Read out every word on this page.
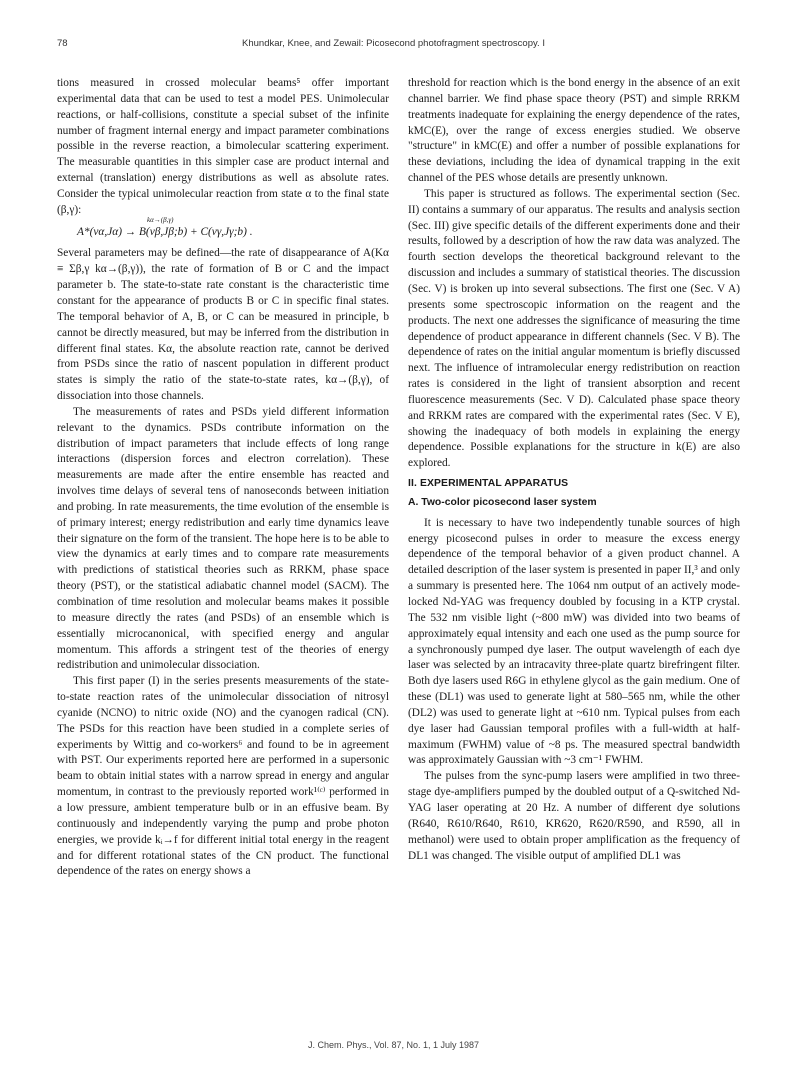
78	Khundkar, Knee, and Zewail: Picosecond photofragment spectroscopy. I

tions measured in crossed molecular beams⁵ offer important experimental data that can be used to test a model PES. Unimolecular reactions, or half-collisions, constitute a special subset of the infinite number of fragment internal energy and impact parameter combinations possible in the reverse reaction, a bimolecular scattering experiment. The measurable quantities in this simpler case are product internal and external (translation) energy distributions as well as absolute rates. Consider the typical unimolecular reaction from state α to the final state (β,γ):

A*(vα,Jα) → B(vβ,Jβ;b) + C(vγ,Jγ;b) .
kα→(β,γ)

Several parameters may be defined—the rate of disappearance of A(Kα ≡ Σβ,γ kα→(β,γ)), the rate of formation of B or C and the impact parameter b. The state-to-state rate constant is the characteristic time constant for the appearance of products B or C in specific final states. The temporal behavior of A, B, or C can be measured in principle, b cannot be directly measured, but may be inferred from the distribution in different final states. Kα, the absolute reaction rate, cannot be derived from PSDs since the ratio of nascent population in different product states is simply the ratio of the state-to-state rates, kα→(β,γ), of dissociation into those channels.

The measurements of rates and PSDs yield different information relevant to the dynamics. PSDs contribute information on the distribution of impact parameters that include effects of long range interactions (dispersion forces and electron correlation). These measurements are made after the entire ensemble has reacted and involves time delays of several tens of nanoseconds between initiation and probing. In rate measurements, the time evolution of the ensemble is of primary interest; energy redistribution and early time dynamics leave their signature on the form of the transient. The hope here is to be able to view the dynamics at early times and to compare rate measurements with predictions of statistical theories such as RRKM, phase space theory (PST), or the statistical adiabatic channel model (SACM). The combination of time resolution and molecular beams makes it possible to measure directly the rates (and PSDs) of an ensemble which is essentially microcanonical, with specified energy and angular momentum. This affords a stringent test of the theories of energy redistribution and unimolecular dissociation.

This first paper (I) in the series presents measurements of the state-to-state reaction rates of the unimolecular dissociation of nitrosyl cyanide (NCNO) to nitric oxide (NO) and the cyanogen radical (CN). The PSDs for this reaction have been studied in a complete series of experiments by Wittig and co-workers⁶ and found to be in agreement with PST. Our experiments reported here are performed in a supersonic beam to obtain initial states with a narrow spread in energy and angular momentum, in contrast to the previously reported work¹⁽ᶜ⁾ performed in a low pressure, ambient temperature bulb or in an effusive beam. By continuously and independently varying the pump and probe photon energies, we provide kᵢ→f for different initial total energy in the reagent and for different rotational states of the CN product. The functional dependence of the rates on energy shows a

threshold for reaction which is the bond energy in the absence of an exit channel barrier. We find phase space theory (PST) and simple RRKM treatments inadequate for explaining the energy dependence of the rates, kMC(E), over the range of excess energies studied. We observe "structure" in kMC(E) and offer a number of possible explanations for these deviations, including the idea of dynamical trapping in the exit channel of the PES whose details are presently unknown.

This paper is structured as follows. The experimental section (Sec. II) contains a summary of our apparatus. The results and analysis section (Sec. III) give specific details of the different experiments done and their results, followed by a description of how the raw data was analyzed. The fourth section develops the theoretical background relevant to the discussion and includes a summary of statistical theories. The discussion (Sec. V) is broken up into several subsections. The first one (Sec. V A) presents some spectroscopic information on the reagent and the products. The next one addresses the significance of measuring the time dependence of product appearance in different channels (Sec. V B). The dependence of rates on the initial angular momentum is briefly discussed next. The influence of intramolecular energy redistribution on reaction rates is considered in the light of transient absorption and recent fluorescence measurements (Sec. V D). Calculated phase space theory and RRKM rates are compared with the experimental rates (Sec. V E), showing the inadequacy of both models in explaining the energy dependence. Possible explanations for the structure in k(E) are also explored.

II. EXPERIMENTAL APPARATUS
A. Two-color picosecond laser system

It is necessary to have two independently tunable sources of high energy picosecond pulses in order to measure the excess energy dependence of the temporal behavior of a given product channel. A detailed description of the laser system is presented in paper II,³ and only a summary is presented here. The 1064 nm output of an actively mode-locked Nd-YAG was frequency doubled by focusing in a KTP crystal. The 532 nm visible light (~800 mW) was divided into two beams of approximately equal intensity and each one used as the pump source for a synchronously pumped dye laser. The output wavelength of each dye laser was selected by an intracavity three-plate quartz birefringent filter. Both dye lasers used R6G in ethylene glycol as the gain medium. One of these (DL1) was used to generate light at 580–565 nm, while the other (DL2) was used to generate light at ~610 nm. Typical pulses from each dye laser had Gaussian temporal profiles with a full-width at half-maximum (FWHM) value of ~8 ps. The measured spectral bandwidth was approximately Gaussian with ~3 cm⁻¹ FWHM.

The pulses from the sync-pump lasers were amplified in two three-stage dye-amplifiers pumped by the doubled output of a Q-switched Nd-YAG laser operating at 20 Hz. A number of different dye solutions (R640, R610/R640, R610, KR620, R620/R590, and R590, all in methanol) were used to obtain proper amplification as the frequency of DL1 was changed. The visible output of amplified DL1 was

J. Chem. Phys., Vol. 87, No. 1, 1 July 1987
